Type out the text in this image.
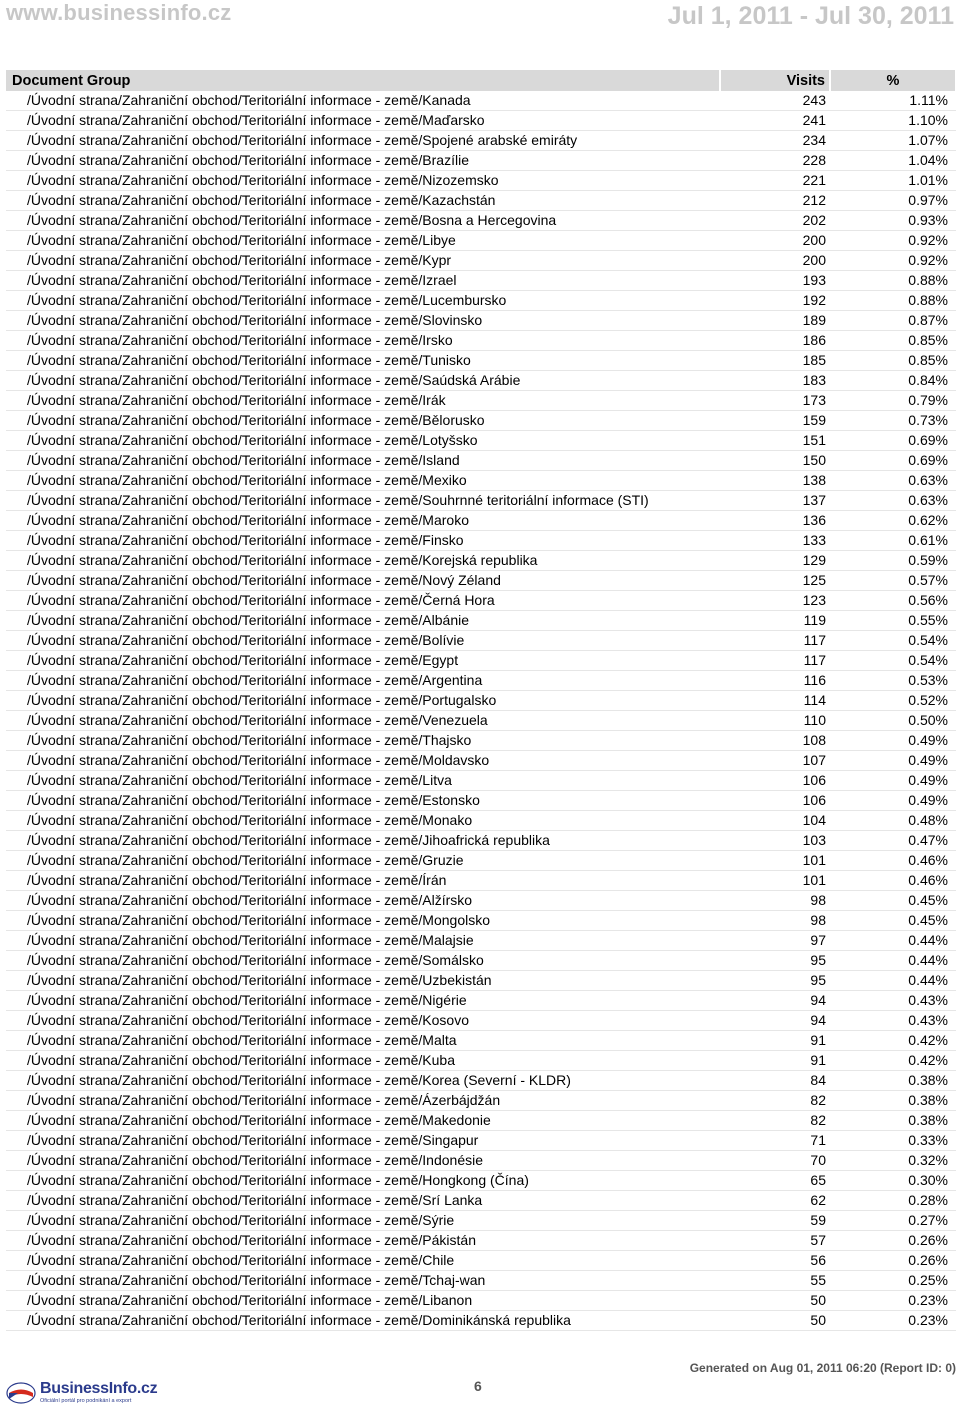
www.businessinfo.cz	Jul 1, 2011 - Jul 30, 2011
Document Group	Visits	%
/Úvodní strana/Zahraniční obchod/Teritoriální informace - země/Kanada	243	1.11%
/Úvodní strana/Zahraniční obchod/Teritoriální informace - země/Maďarsko	241	1.10%
/Úvodní strana/Zahraniční obchod/Teritoriální informace - země/Spojené arabské emiráty	234	1.07%
/Úvodní strana/Zahraniční obchod/Teritoriální informace - země/Brazílie	228	1.04%
/Úvodní strana/Zahraniční obchod/Teritoriální informace - země/Nizozemsko	221	1.01%
/Úvodní strana/Zahraniční obchod/Teritoriální informace - země/Kazachstán	212	0.97%
/Úvodní strana/Zahraniční obchod/Teritoriální informace - země/Bosna a Hercegovina	202	0.93%
/Úvodní strana/Zahraniční obchod/Teritoriální informace - země/Libye	200	0.92%
/Úvodní strana/Zahraniční obchod/Teritoriální informace - země/Kypr	200	0.92%
/Úvodní strana/Zahraniční obchod/Teritoriální informace - země/Izrael	193	0.88%
/Úvodní strana/Zahraniční obchod/Teritoriální informace - země/Lucembursko	192	0.88%
/Úvodní strana/Zahraniční obchod/Teritoriální informace - země/Slovinsko	189	0.87%
/Úvodní strana/Zahraniční obchod/Teritoriální informace - země/Irsko	186	0.85%
/Úvodní strana/Zahraniční obchod/Teritoriální informace - země/Tunisko	185	0.85%
/Úvodní strana/Zahraniční obchod/Teritoriální informace - země/Saúdská Arábie	183	0.84%
/Úvodní strana/Zahraniční obchod/Teritoriální informace - země/Irák	173	0.79%
/Úvodní strana/Zahraniční obchod/Teritoriální informace - země/Bělorusko	159	0.73%
/Úvodní strana/Zahraniční obchod/Teritoriální informace - země/Lotyšsko	151	0.69%
/Úvodní strana/Zahraniční obchod/Teritoriální informace - země/Island	150	0.69%
/Úvodní strana/Zahraniční obchod/Teritoriální informace - země/Mexiko	138	0.63%
/Úvodní strana/Zahraniční obchod/Teritoriální informace - země/Souhrnné teritoriální informace (STI)	137	0.63%
/Úvodní strana/Zahraniční obchod/Teritoriální informace - země/Maroko	136	0.62%
/Úvodní strana/Zahraniční obchod/Teritoriální informace - země/Finsko	133	0.61%
/Úvodní strana/Zahraniční obchod/Teritoriální informace - země/Korejská republika	129	0.59%
/Úvodní strana/Zahraniční obchod/Teritoriální informace - země/Nový Zéland	125	0.57%
/Úvodní strana/Zahraniční obchod/Teritoriální informace - země/Černá Hora	123	0.56%
/Úvodní strana/Zahraniční obchod/Teritoriální informace - země/Albánie	119	0.55%
/Úvodní strana/Zahraniční obchod/Teritoriální informace - země/Bolívie	117	0.54%
/Úvodní strana/Zahraniční obchod/Teritoriální informace - země/Egypt	117	0.54%
/Úvodní strana/Zahraniční obchod/Teritoriální informace - země/Argentina	116	0.53%
/Úvodní strana/Zahraniční obchod/Teritoriální informace - země/Portugalsko	114	0.52%
/Úvodní strana/Zahraniční obchod/Teritoriální informace - země/Venezuela	110	0.50%
/Úvodní strana/Zahraniční obchod/Teritoriální informace - země/Thajsko	108	0.49%
/Úvodní strana/Zahraniční obchod/Teritoriální informace - země/Moldavsko	107	0.49%
/Úvodní strana/Zahraniční obchod/Teritoriální informace - země/Litva	106	0.49%
/Úvodní strana/Zahraniční obchod/Teritoriální informace - země/Estonsko	106	0.49%
/Úvodní strana/Zahraniční obchod/Teritoriální informace - země/Monako	104	0.48%
/Úvodní strana/Zahraniční obchod/Teritoriální informace - země/Jihoafrická republika	103	0.47%
/Úvodní strana/Zahraniční obchod/Teritoriální informace - země/Gruzie	101	0.46%
/Úvodní strana/Zahraniční obchod/Teritoriální informace - země/Írán	101	0.46%
/Úvodní strana/Zahraniční obchod/Teritoriální informace - země/Alžírsko	98	0.45%
/Úvodní strana/Zahraniční obchod/Teritoriální informace - země/Mongolsko	98	0.45%
/Úvodní strana/Zahraniční obchod/Teritoriální informace - země/Malajsie	97	0.44%
/Úvodní strana/Zahraniční obchod/Teritoriální informace - země/Somálsko	95	0.44%
/Úvodní strana/Zahraniční obchod/Teritoriální informace - země/Uzbekistán	95	0.44%
/Úvodní strana/Zahraniční obchod/Teritoriální informace - země/Nigérie	94	0.43%
/Úvodní strana/Zahraniční obchod/Teritoriální informace - země/Kosovo	94	0.43%
/Úvodní strana/Zahraniční obchod/Teritoriální informace - země/Malta	91	0.42%
/Úvodní strana/Zahraniční obchod/Teritoriální informace - země/Kuba	91	0.42%
/Úvodní strana/Zahraniční obchod/Teritoriální informace - země/Korea (Severní - KLDR)	84	0.38%
/Úvodní strana/Zahraniční obchod/Teritoriální informace - země/Ázerbájdžán	82	0.38%
/Úvodní strana/Zahraniční obchod/Teritoriální informace - země/Makedonie	82	0.38%
/Úvodní strana/Zahraniční obchod/Teritoriální informace - země/Singapur	71	0.33%
/Úvodní strana/Zahraniční obchod/Teritoriální informace - země/Indonésie	70	0.32%
/Úvodní strana/Zahraniční obchod/Teritoriální informace - země/Hongkong (Čína)	65	0.30%
/Úvodní strana/Zahraniční obchod/Teritoriální informace - země/Srí Lanka	62	0.28%
/Úvodní strana/Zahraniční obchod/Teritoriální informace - země/Sýrie	59	0.27%
/Úvodní strana/Zahraniční obchod/Teritoriální informace - země/Pákistán	57	0.26%
/Úvodní strana/Zahraniční obchod/Teritoriální informace - země/Chile	56	0.26%
/Úvodní strana/Zahraniční obchod/Teritoriální informace - země/Tchaj-wan	55	0.25%
/Úvodní strana/Zahraniční obchod/Teritoriální informace - země/Libanon	50	0.23%
/Úvodní strana/Zahraniční obchod/Teritoriální informace - země/Dominikánská republika	50	0.23%
Generated on Aug 01, 2011 06:20 (Report ID: 0)
6
BusinessInfo.cz
Oficiální portál pro podnikání a export
